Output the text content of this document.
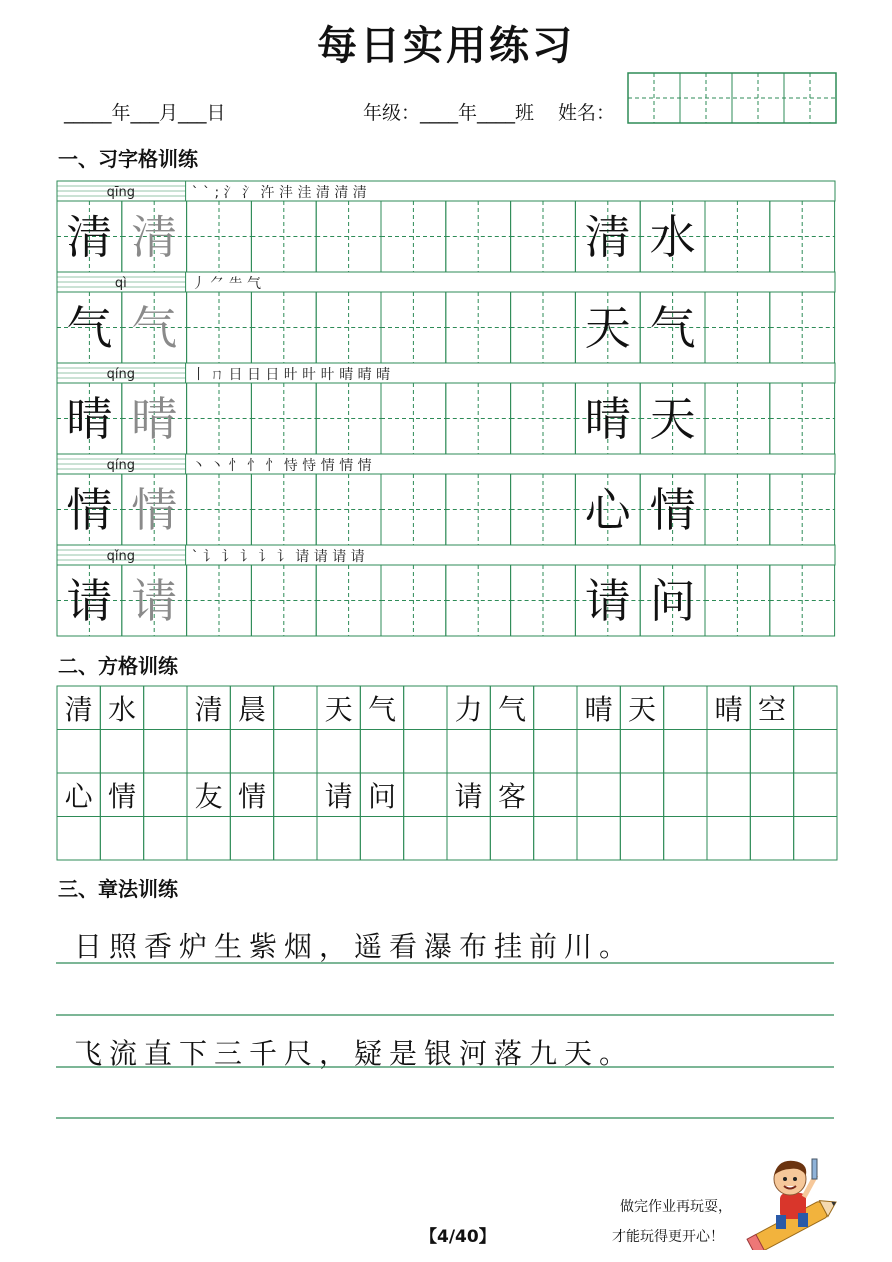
每日实用练习
_____年___月___日	年级：____年____班 姓名：
一、习字格训练
qīng	` ` ; 氵 氵 汻 沣 洼 清 清 清
清 清	清 水
qì	丿 ⺈ ⺧ 气
气 气	天 气
qíng	丨 ㄇ 日 日 日 旪 旪 旪 晴 晴 晴
晴 晴	晴 天
qíng	丶 丶 忄 忄 忄 恃 恃 情 情 情
情 情	心 情
qǐng	` 讠 讠 讠 讠 讠 请 请 请 请
请 请	请 问
二、方格训练
清 水 清 晨 天 气 力 气 晴 天 晴 空
心 情 友 情 请 问 请 客
三、章法训练
日照香炉生紫烟，遥看瀑布挂前川。
飞流直下三千尺，疑是银河落九天。
【4/40】
做完作业再玩耍，
才能玩得更开心！
